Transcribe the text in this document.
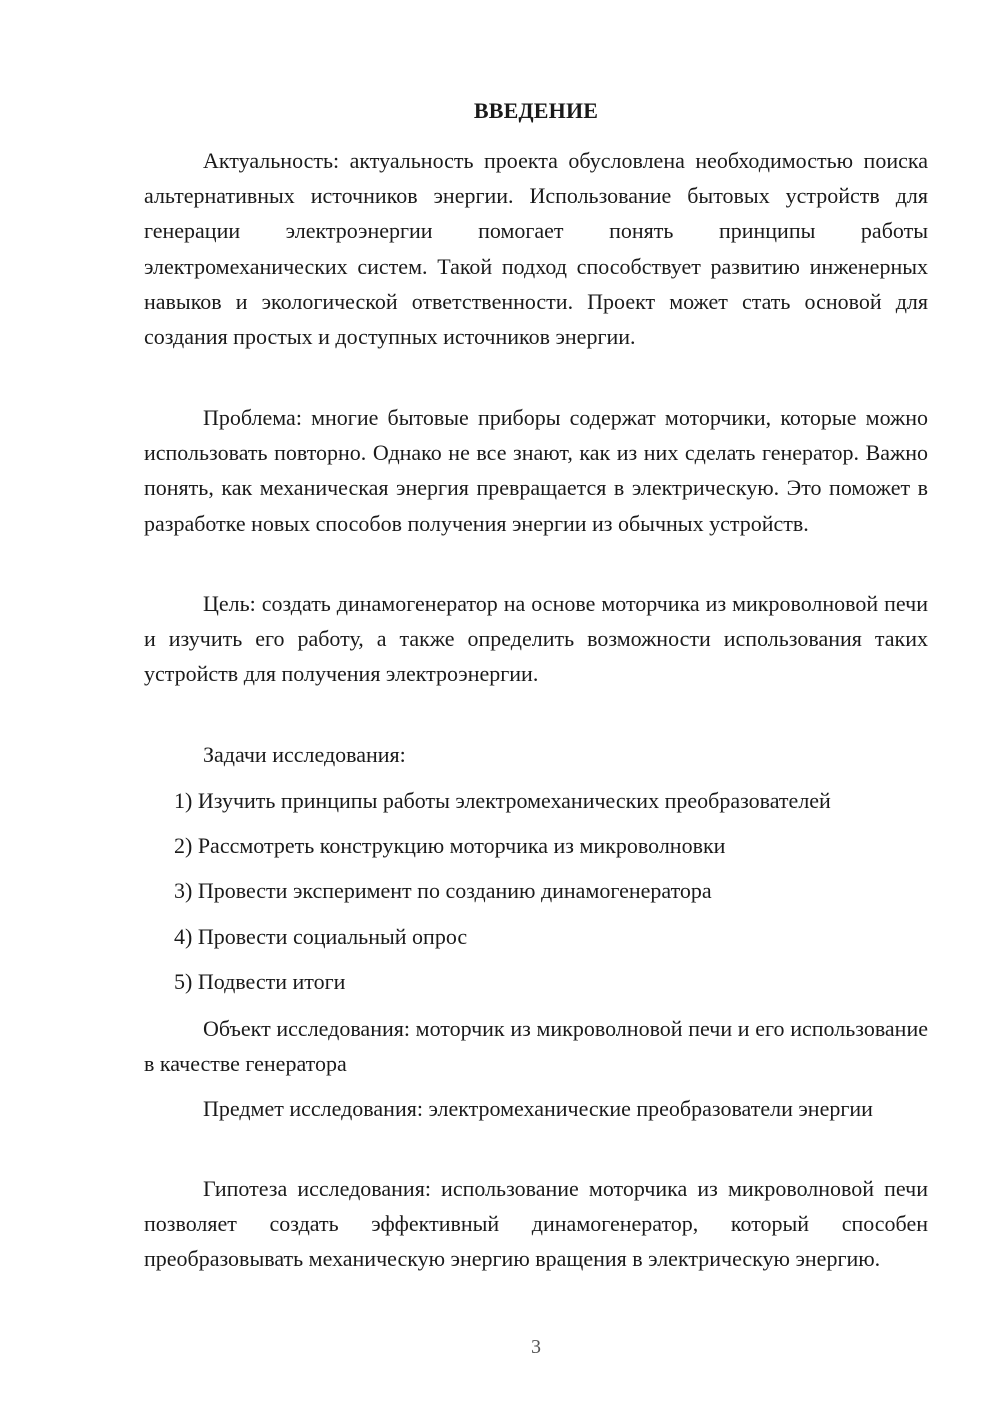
ВВЕДЕНИЕ

Актуальность: актуальность проекта обусловлена необходимостью поиска альтернативных источников энергии. Использование бытовых устройств для генерации электроэнергии помогает понять принципы работы электромеханических систем. Такой подход способствует развитию инженерных навыков и экологической ответственности. Проект может стать основой для создания простых и доступных источников энергии.

Проблема: многие бытовые приборы содержат моторчики, которые можно использовать повторно. Однако не все знают, как из них сделать генератор. Важно понять, как механическая энергия превращается в электрическую. Это поможет в разработке новых способов получения энергии из обычных устройств.

Цель: создать динамогенератор на основе моторчика из микроволновой печи и изучить его работу, а также определить возможности использования таких устройств для получения электроэнергии.

Задачи исследования:

1) Изучить принципы работы электромеханических преобразователей
2) Рассмотреть конструкцию моторчика из микроволновки
3) Провести эксперимент по созданию динамогенератора
4) Провести социальный опрос
5) Подвести итоги

Объект исследования: моторчик из микроволновой печи и его использование в качестве генератора

Предмет исследования: электромеханические преобразователи энергии

Гипотеза исследования: использование моторчика из микроволновой печи позволяет создать эффективный динамогенератор, который способен преобразовывать механическую энергию вращения в электрическую энергию.

3
